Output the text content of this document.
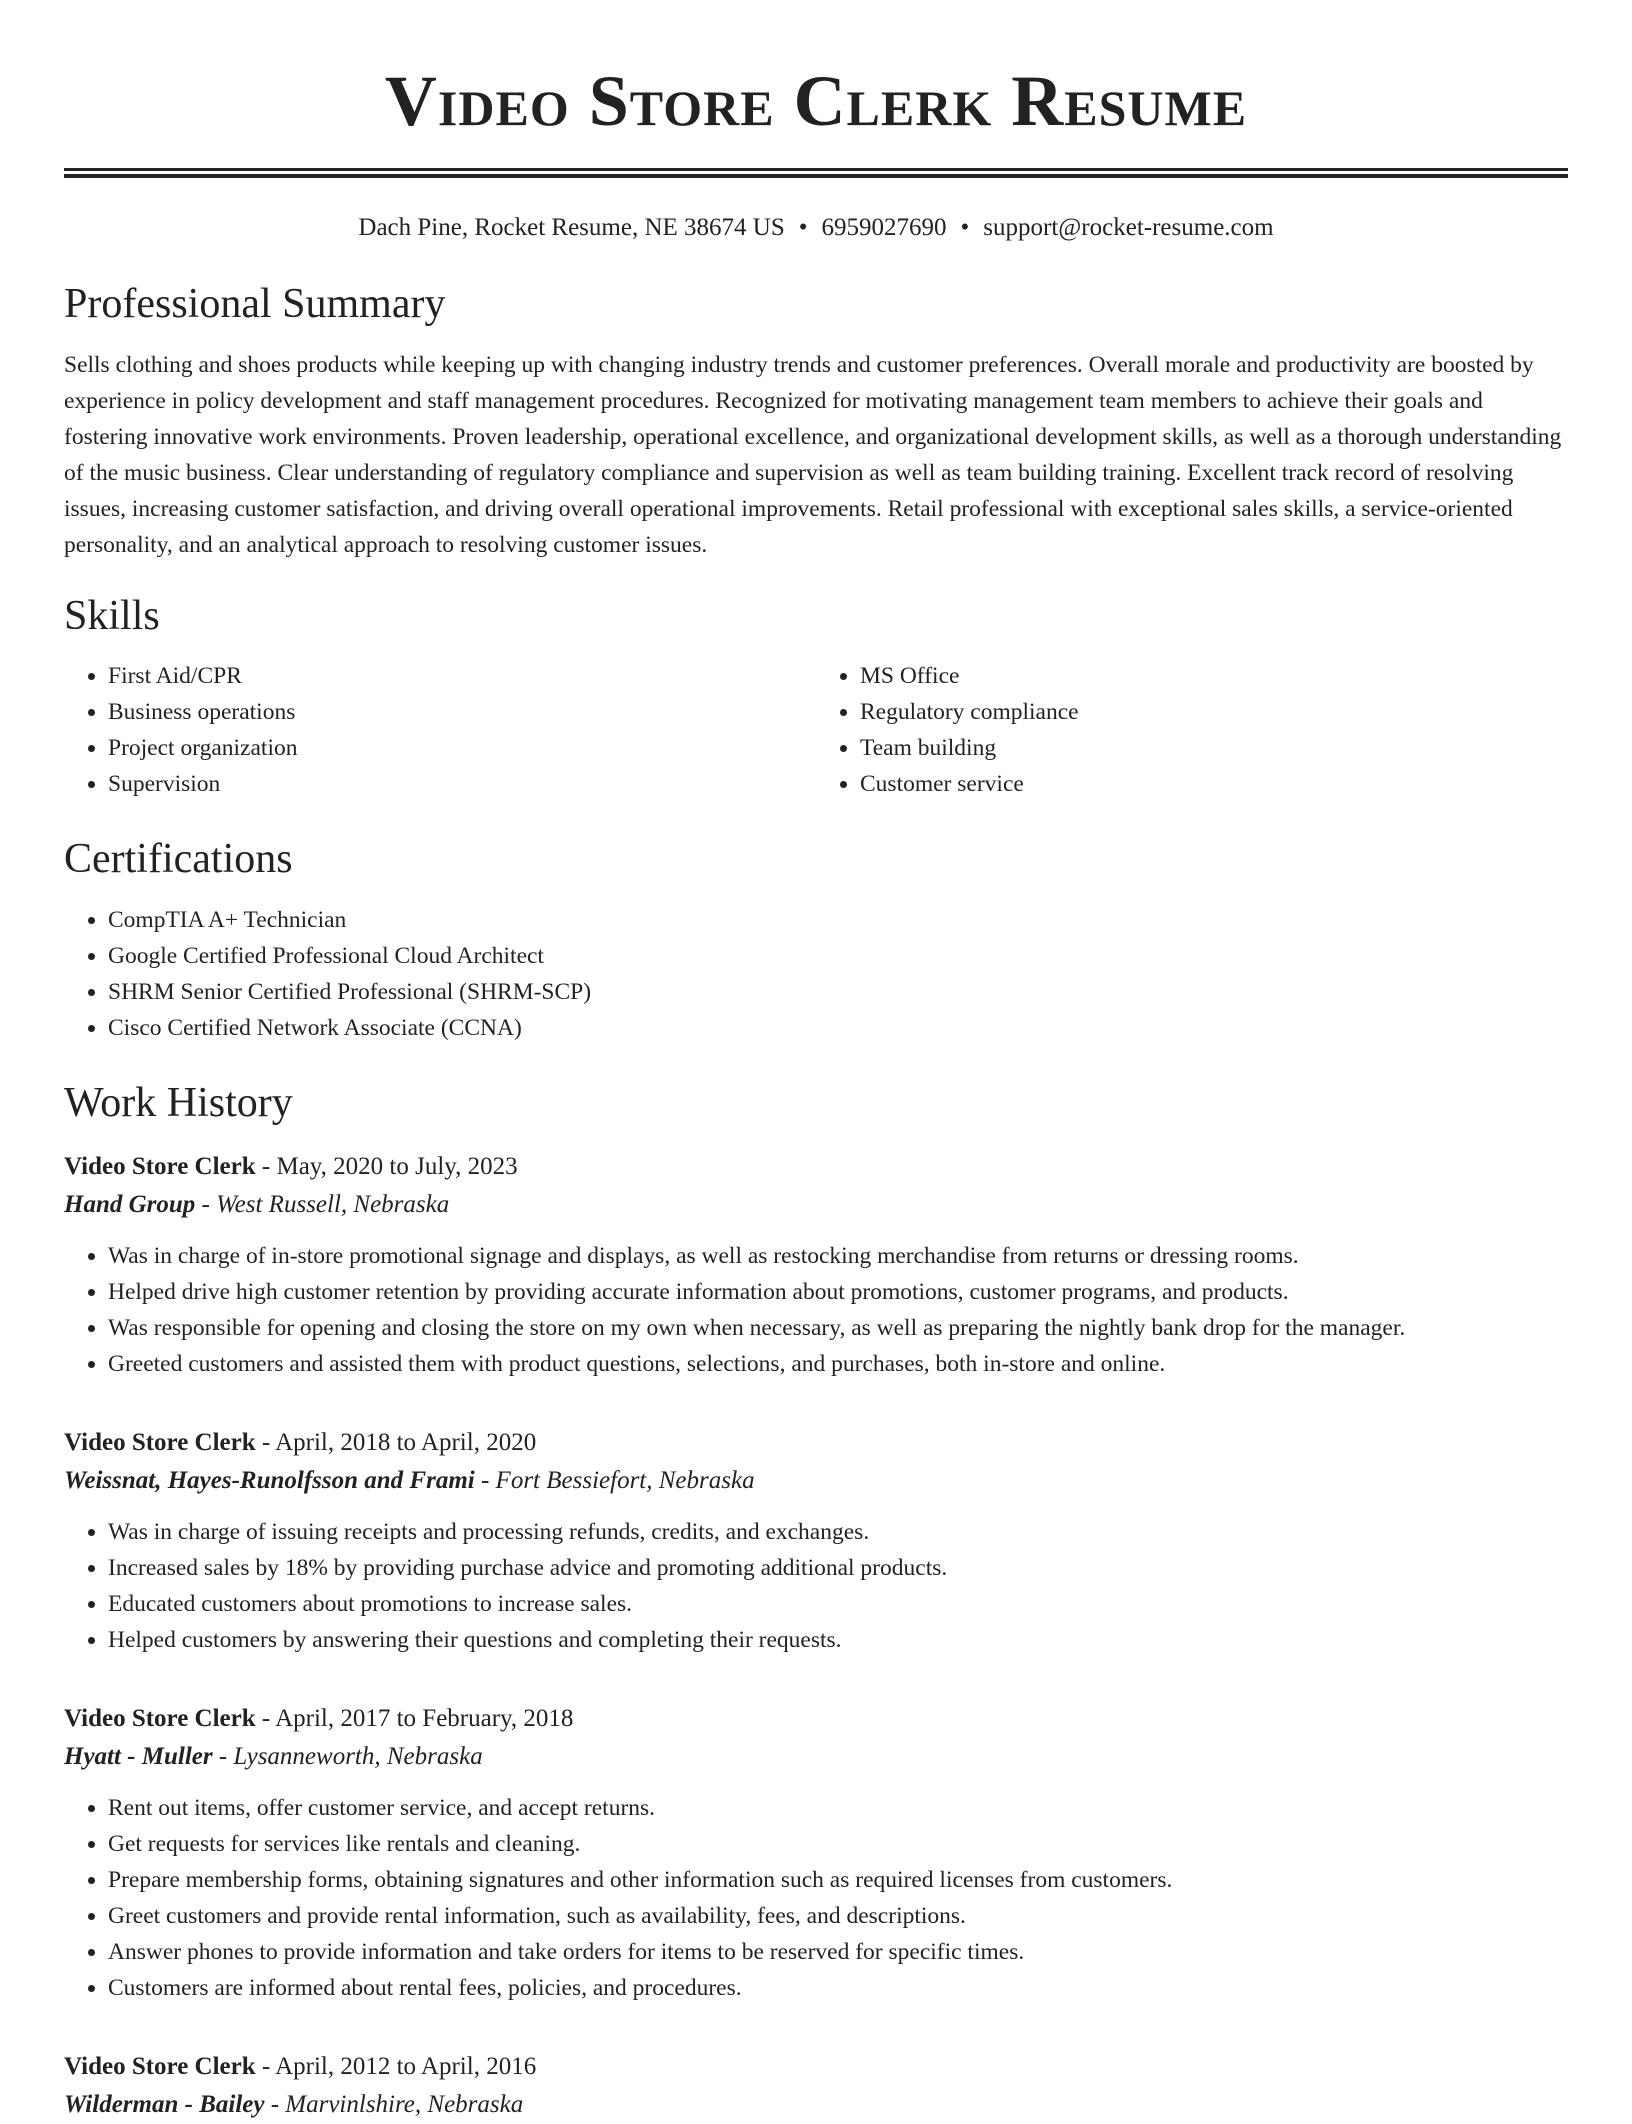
Video Store Clerk Resume
Dach Pine, Rocket Resume, NE 38674 US • 6959027690 • support@rocket-resume.com
Professional Summary

Sells clothing and shoes products while keeping up with changing industry trends and customer preferences. Overall morale and productivity are boosted by experience in policy development and staff management procedures. Recognized for motivating management team members to achieve their goals and fostering innovative work environments. Proven leadership, operational excellence, and organizational development skills, as well as a thorough understanding of the music business. Clear understanding of regulatory compliance and supervision as well as team building training. Excellent track record of resolving issues, increasing customer satisfaction, and driving overall operational improvements. Retail professional with exceptional sales skills, a service-oriented personality, and an analytical approach to resolving customer issues.

Skills
• First Aid/CPR
• Business operations
• Project organization
• Supervision
• MS Office
• Regulatory compliance
• Team building
• Customer service
Certifications
• CompTIA A+ Technician
• Google Certified Professional Cloud Architect
• SHRM Senior Certified Professional (SHRM-SCP)
• Cisco Certified Network Associate (CCNA)
Work History
Video Store Clerk - May, 2020 to July, 2023
Hand Group - West Russell, Nebraska
• Was in charge of in-store promotional signage and displays, as well as restocking merchandise from returns or dressing rooms.
• Helped drive high customer retention by providing accurate information about promotions, customer programs, and products.
• Was responsible for opening and closing the store on my own when necessary, as well as preparing the nightly bank drop for the manager.
• Greeted customers and assisted them with product questions, selections, and purchases, both in-store and online.
Video Store Clerk - April, 2018 to April, 2020
Weissnat, Hayes-Runolfsson and Frami - Fort Bessiefort, Nebraska
• Was in charge of issuing receipts and processing refunds, credits, and exchanges.
• Increased sales by 18% by providing purchase advice and promoting additional products.
• Educated customers about promotions to increase sales.
• Helped customers by answering their questions and completing their requests.
Video Store Clerk - April, 2017 to February, 2018
Hyatt - Muller - Lysanneworth, Nebraska
• Rent out items, offer customer service, and accept returns.
• Get requests for services like rentals and cleaning.
• Prepare membership forms, obtaining signatures and other information such as required licenses from customers.
• Greet customers and provide rental information, such as availability, fees, and descriptions.
• Answer phones to provide information and take orders for items to be reserved for specific times.
• Customers are informed about rental fees, policies, and procedures.
Video Store Clerk - April, 2012 to April, 2016
Wilderman - Bailey - Marvinlshire, Nebraska
